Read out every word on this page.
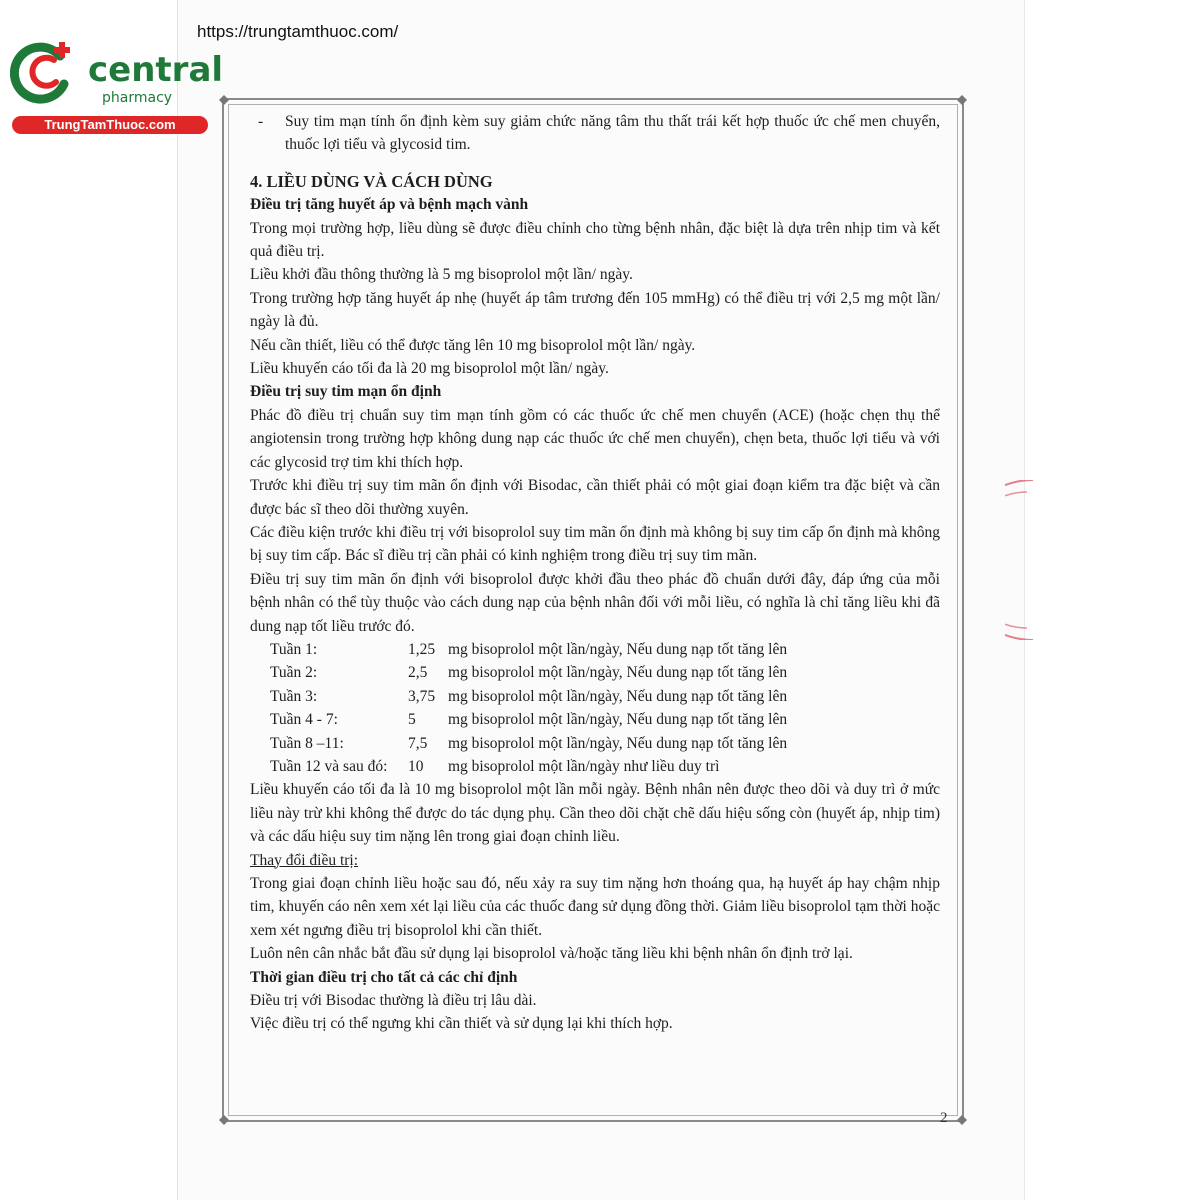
https://trungtamthuoc.com/
central
pharmacy
TrungTamThuoc.com	- Suy tim mạn tính ổn định kèm suy giảm chức năng tâm thu thất trái kết hợp thuốc ức chế men chuyển, thuốc lợi tiểu và glycosid tim.

4. LIỀU DÙNG VÀ CÁCH DÙNG

Điều trị tăng huyết áp và bệnh mạch vành

Trong mọi trường hợp, liều dùng sẽ được điều chỉnh cho từng bệnh nhân, đặc biệt là dựa trên nhịp tim và kết quả điều trị.

Liều khởi đầu thông thường là 5 mg bisoprolol một lần/ ngày.

Trong trường hợp tăng huyết áp nhẹ (huyết áp tâm trương đến 105 mmHg) có thể điều trị với 2,5 mg một lần/ ngày là đủ.

Nếu cần thiết, liều có thể được tăng lên 10 mg bisoprolol một lần/ ngày.

Liều khuyến cáo tối đa là 20 mg bisoprolol một lần/ ngày.

Điều trị suy tim mạn ổn định

Phác đồ điều trị chuẩn suy tim mạn tính gồm có các thuốc ức chế men chuyển (ACE) (hoặc chẹn thụ thể angiotensin trong trường hợp không dung nạp các thuốc ức chế men chuyển), chẹn beta, thuốc lợi tiểu và với các glycosid trợ tim khi thích hợp.

Trước khi điều trị suy tim mãn ổn định với Bisodac, cần thiết phải có một giai đoạn kiểm tra đặc biệt và cần được bác sĩ theo dõi thường xuyên.

Các điều kiện trước khi điều trị với bisoprolol suy tim mãn ổn định mà không bị suy tim cấp ổn định mà không bị suy tim cấp. Bác sĩ điều trị cần phải có kinh nghiệm trong điều trị suy tim mãn.

Điều trị suy tim mãn ổn định với bisoprolol được khởi đầu theo phác đồ chuẩn dưới đây, đáp ứng của mỗi bệnh nhân có thể tùy thuộc vào cách dung nạp của bệnh nhân đối với mỗi liều, có nghĩa là chỉ tăng liều khi đã dung nạp tốt liều trước đó.

Tuần 1:	1,25 mg bisoprolol một lần/ngày, Nếu dung nạp tốt tăng lên
Tuần 2:	2,5	mg bisoprolol một lần/ngày, Nếu dung nạp tốt tăng lên
Tuần 3:	3,75 mg bisoprolol một lần/ngày, Nếu dung nạp tốt tăng lên
Tuần 4 - 7:	5	mg bisoprolol một lần/ngày, Nếu dung nạp tốt tăng lên
Tuần 8 –11:	7,5	mg bisoprolol một lần/ngày, Nếu dung nạp tốt tăng lên
Tuần 12 và sau đó:	10	mg bisoprolol một lần/ngày như liều duy trì

Liều khuyến cáo tối đa là 10 mg bisoprolol một lần mỗi ngày. Bệnh nhân nên được theo dõi và duy trì ở mức liều này trừ khi không thể được do tác dụng phụ. Cần theo dõi chặt chẽ dấu hiệu sống còn (huyết áp, nhịp tim) và các dấu hiệu suy tim nặng lên trong giai đoạn chỉnh liều.

Thay đổi điều trị:

Trong giai đoạn chỉnh liều hoặc sau đó, nếu xảy ra suy tim nặng hơn thoáng qua, hạ huyết áp hay chậm nhịp tim, khuyến cáo nên xem xét lại liều của các thuốc đang sử dụng đồng thời. Giảm liều bisoprolol tạm thời hoặc xem xét ngưng điều trị bisoprolol khi cần thiết.

Luôn nên cân nhắc bắt đầu sử dụng lại bisoprolol và/hoặc tăng liều khi bệnh nhân ổn định trở lại.

Thời gian điều trị cho tất cả các chỉ định

Điều trị với Bisodac thường là điều trị lâu dài.

Việc điều trị có thể ngưng khi cần thiết và sử dụng lại khi thích hợp.

2
